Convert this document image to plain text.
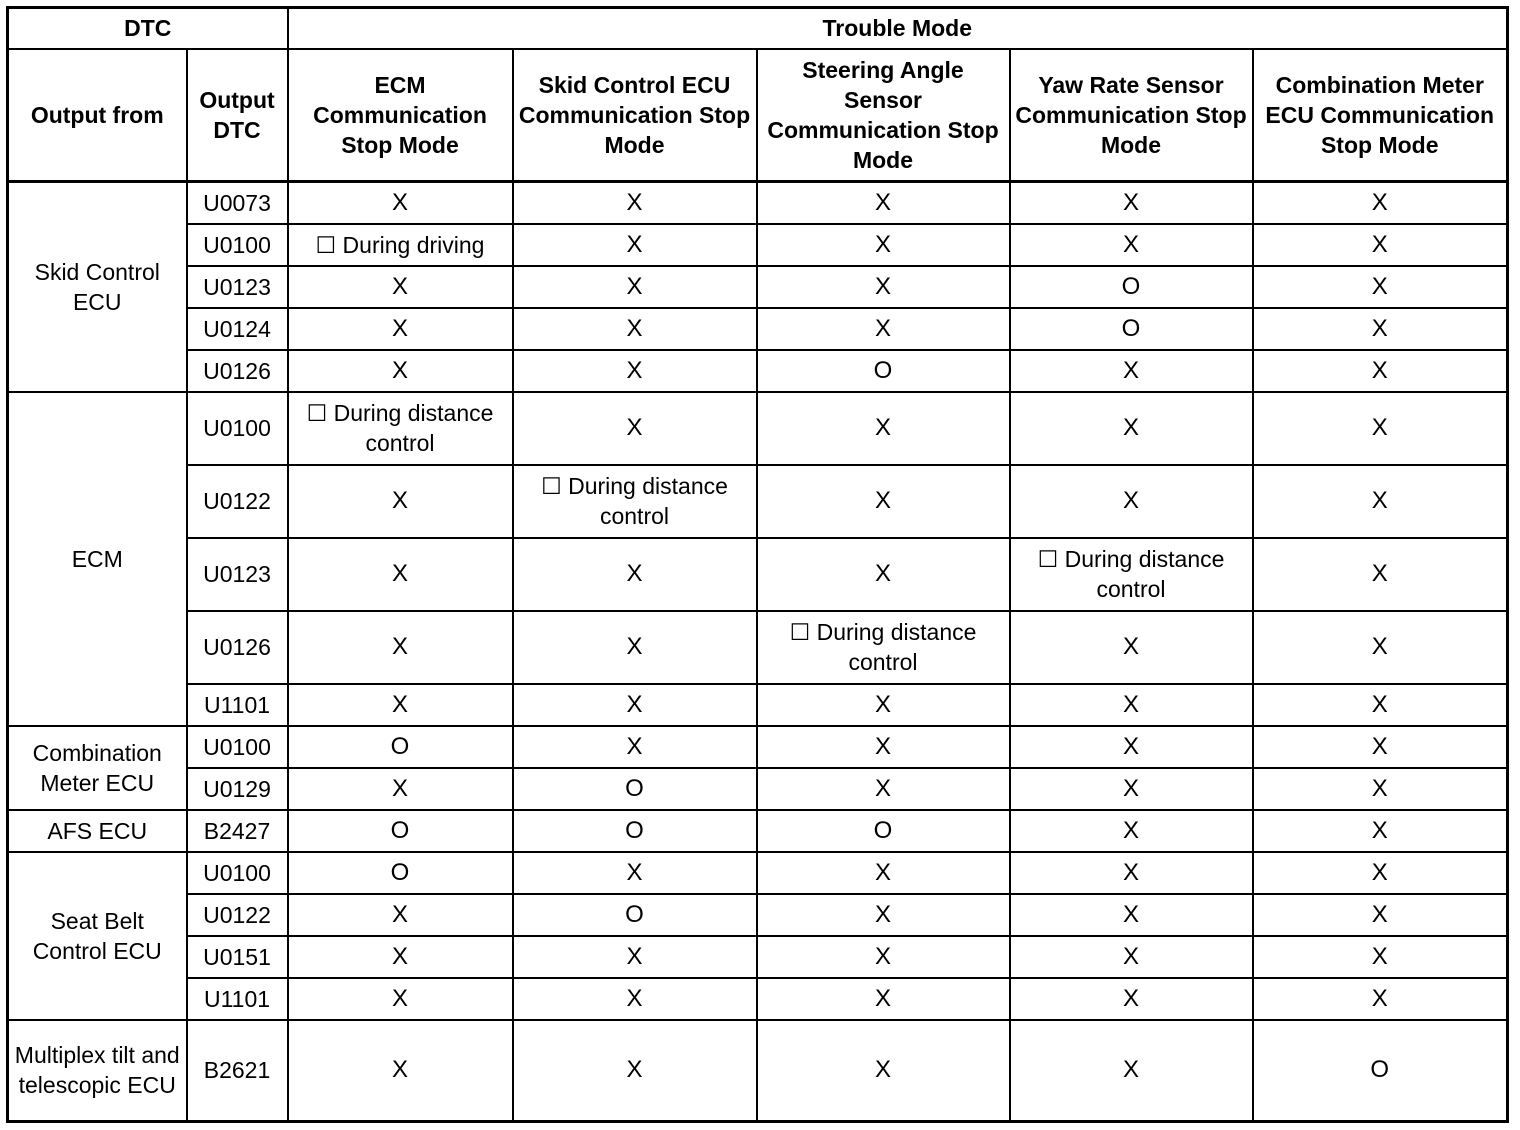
DTC		Trouble Mode				
Output from	Output DTC	ECM Communication Stop Mode	Skid Control ECU Communication Stop Mode	Steering Angle Sensor Communication Stop Mode	Yaw Rate Sensor Communication Stop Mode	Combination Meter ECU Communication Stop Mode
Skid Control ECU	U0073	X	X	X	X	X
	U0100	☐ During driving	X	X	X	X
	U0123	X	X	X	O	X
	U0124	X	X	X	O	X
	U0126	X	X	O	X	X
ECM	U0100	☐ During distance control	X	X	X	X
	U0122	X	☐ During distance control	X	X	X
	U0123	X	X	X	☐ During distance control	X
	U0126	X	X	☐ During distance control	X	X
	U1101	X	X	X	X	X
Combination Meter ECU	U0100	O	X	X	X	X
	U0129	X	O	X	X	X
AFS ECU	B2427	O	O	O	X	X
Seat Belt Control ECU	U0100	O	X	X	X	X
	U0122	X	O	X	X	X
	U0151	X	X	X	X	X
	U1101	X	X	X	X	X
Multiplex tilt and telescopic ECU	B2621	X	X	X	X	O
